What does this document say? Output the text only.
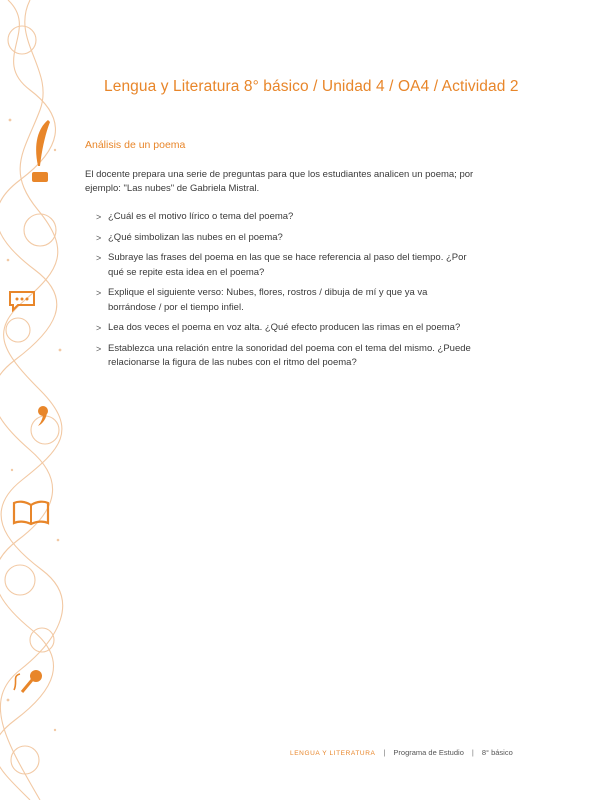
Lengua y Literatura 8° básico / Unidad 4 / OA4 / Actividad 2
Análisis de un poema
El docente prepara una serie de preguntas para que los estudiantes analicen un poema; por ejemplo: "Las nubes" de Gabriela Mistral.
> ¿Cuál es el motivo lírico o tema del poema?
> ¿Qué simbolizan las nubes en el poema?
> Subraye las frases del poema en las que se hace referencia al paso del tiempo. ¿Por qué se repite esta idea en el poema?
> Explique el siguiente verso: Nubes, flores, rostros / dibuja de mí y que ya va borrándose / por el tiempo infiel.
> Lea dos veces el poema en voz alta. ¿Qué efecto producen las rimas en el poema?
> Establezca una relación entre la sonoridad del poema con el tema del mismo. ¿Puede relacionarse la figura de las nubes con el ritmo del poema?
LENGUA Y LITERATURA | Programa de Estudio | 8° básico
